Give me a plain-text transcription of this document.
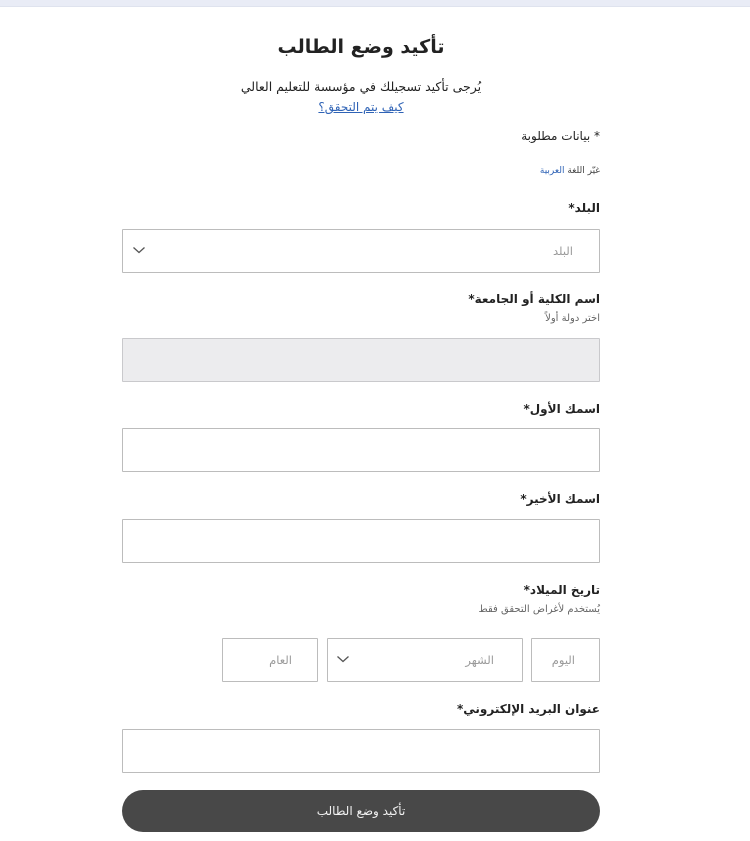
تأكيد وضع الطالب
يُرجى تأكيد تسجيلك في مؤسسة للتعليم العالي
كيف يتم التحقق؟
* بيانات مطلوبة
غيّر اللغة العربية
البلد*
البلد
اسم الكلية أو الجامعة*
اختر دولة أولاً
اسمك الأول*
اسمك الأخير*
تاريخ الميلاد*
يُستخدم لأغراض التحقق فقط
اليوم
الشهر
العام
عنوان البريد الإلكتروني*
تأكيد وضع الطالب
